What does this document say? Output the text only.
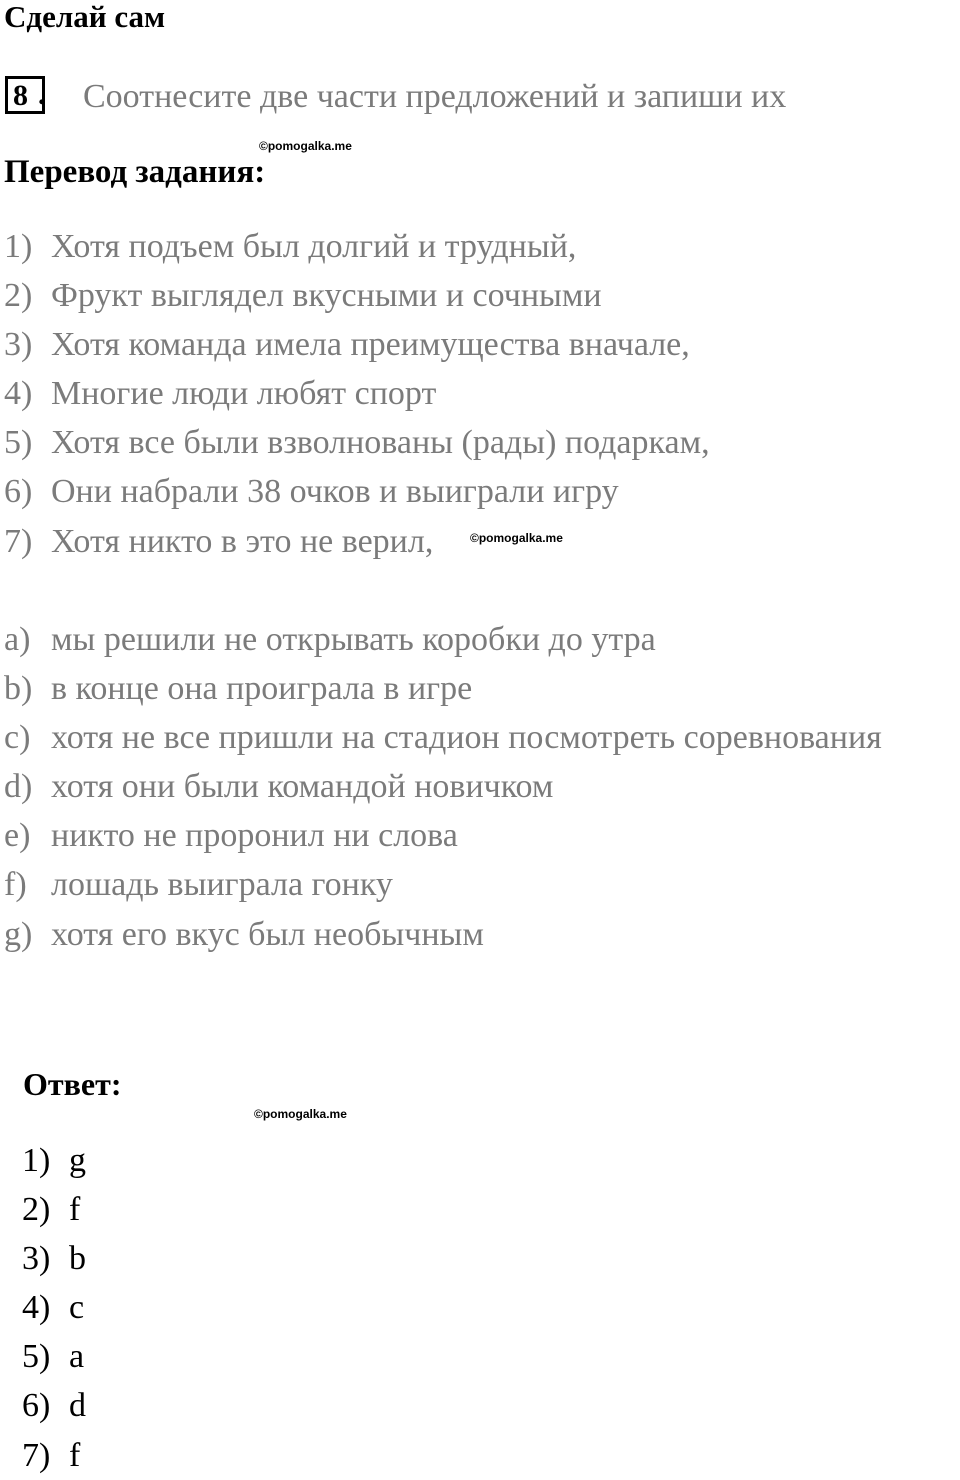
Сделай сам
8 . Соотнесите две части предложений и запиши их
©pomogalka.me
Перевод задания:
1) Хотя подъем был долгий и трудный,
2) Фрукт выглядел вкусными и сочными
3) Хотя команда имела преимущества вначале,
4) Многие люди любят спорт
5) Хотя все были взволнованы (рады) подаркам,
6) Они набрали 38 очков и выиграли игру
7) Хотя никто в это не верил,	©pomogalka.me
a) мы решили не открывать коробки до утра
b) в конце она проиграла в игре
c) хотя не все пришли на стадион посмотреть соревнования
d) хотя они были командой новичком
e) никто не проронил ни слова
f) лошадь выиграла гонку
g) хотя его вкус был необычным
Ответ:
©pomogalka.me
1) g
2) f
3) b
4) c
5) a
6) d
7) f
